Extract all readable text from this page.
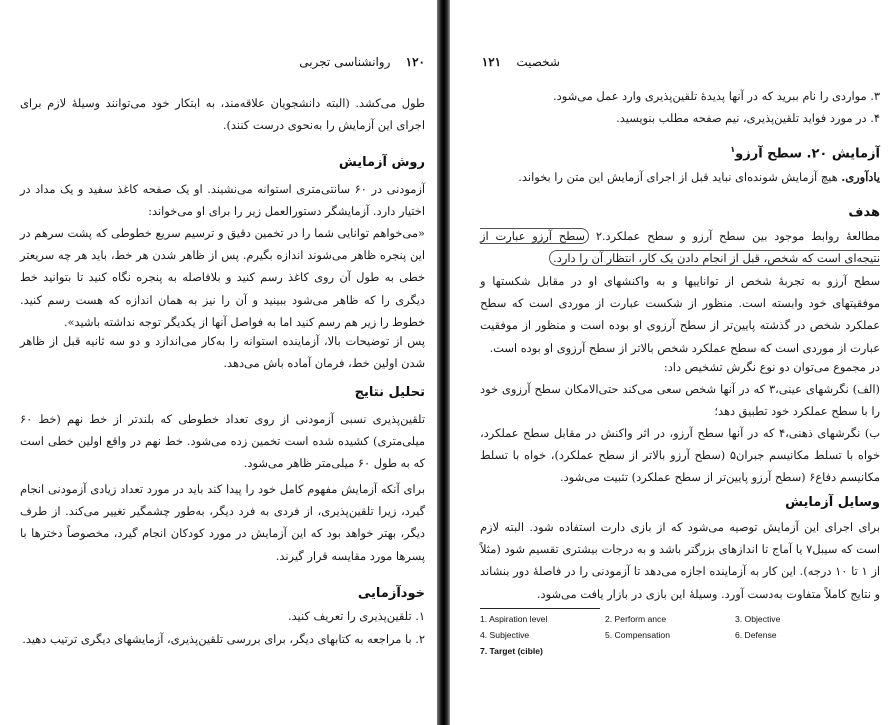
۱۲۰    روانشناسی تجربی

طول می‌کشد. (البته دانشجویان علاقه‌مند، به ابتکار خود می‌توانند وسیلهٔ لازم برای اجرای این آزمایش را به‌نحوی درست کنند).

روش آزمایش

آزمودنی در ۶۰ سانتی‌متری استوانه می‌نشیند. او یک صفحه کاغذ سفید و یک مداد در اختیار دارد. آزمایشگر دستورالعمل زیر را برای او می‌خواند:

«می‌خواهم توانایی شما را در تخمین دقیق و ترسیم سریع خطوطی که پشت سرهم در این پنجره ظاهر می‌شوند اندازه بگیرم. پس از ظاهر شدن هر خط، باید هر چه سریعتر خطی به طول آن روی کاغذ رسم کنید و بلافاصله به پنجره نگاه کنید تا بتوانید خط دیگری را که ظاهر می‌شود ببینید و آن را نیز به همان اندازه که هست رسم کنید. خطوط را زیر هم رسم کنید اما به فواصل آنها از یکدیگر توجه نداشته باشید».

پس از توضیحات بالا، آزماینده استوانه را به‌کار می‌اندازد و دو سه ثانیه قبل از ظاهر شدن اولین خط، فرمان آماده باش می‌دهد.

تحلیل نتایج

تلقین‌پذیری نسبی آزمودنی از روی تعداد خطوطی که بلندتر از خط نهم (خط ۶۰ میلی‌متری) کشیده شده است تخمین زده می‌شود. خط نهم در واقع اولین خطی است که به طول ۶۰ میلی‌متر ظاهر می‌شود.

برای آنکه آزمایش مفهوم کامل خود را پیدا کند باید در مورد تعداد زیادی آزمودنی انجام گیرد، زیرا تلقین‌پذیری، از فردی به فرد دیگر، به‌طور چشمگیر تغییر می‌کند. از طرف دیگر، بهتر خواهد بود که این آزمایش در مورد کودکان انجام گیرد، مخصوصاً دخترها با پسرها مورد مقایسه قرار گیرند.

خودآزمایی

۱. تلقین‌پذیری را تعریف کنید.

۲. با مراجعه به کتابهای دیگر، برای بررسی تلقین‌پذیری، آزمایشهای دیگری ترتیب دهید.

شخصیت    ۱۲۱

۳. مواردی را نام ببرید که در آنها پدیدهٔ تلقین‌پذیری وارد عمل می‌شود.

۴. در مورد فواید تلقین‌پذیری، نیم صفحه مطلب بنویسید.

آزمایش ۲۰. سطح آرزو$^۱$

یادآوری. هیچ آزمایش شونده‌ای نباید قبل از اجرای آزمایش این متن را بخواند.

هدف

مطالعهٔ روابط موجود بین سطح آرزو و سطح عملکرد.۲ سطح آرزو عبارت از نتیجه‌ای است که شخص، قبل از انجام دادن یک کار، انتظار آن را دارد.

سطح آرزو به تجربهٔ شخص از تواناییها و به واکنشهای او در مقابل شکستها و موفقیتهای خود وابسته است. منظور از شکست عبارت از موردی است که سطح عملکرد شخص در گذشته پایین‌تر از سطح آرزوی او بوده است و منظور از موفقیت عبارت از موردی است که سطح عملکرد شخص بالاتر از سطح آرزوی او بوده است.

در مجموع می‌توان دو نوع نگرش تشخیص داد:

(الف) نگرشهای عینی،۳ که در آنها شخص سعی می‌کند حتی‌الامکان سطح آرزوی خود را با سطح عملکرد خود تطبیق دهد؛

ب) نگرشهای ذهنی،۴ که در آنها سطح آرزو، در اثر واکنش در مقابل سطح عملکرد، خواه با تسلط مکانیسم جبران۵ (سطح آرزو بالاتر از سطح عملکرد)، خواه با تسلط مکانیسم دفاع۶ (سطح آرزو پایین‌تر از سطح عملکرد) تثبیت می‌شود.

وسایل آزمایش

برای اجرای این آزمایش توصیه می‌شود که از بازی دارت استفاده شود. البته لازم است که سیبل۷ یا آماج تا اندازهای بزرگتر باشد و به درجات بیشتری تقسیم شود (مثلاً از ۱ تا ۱۰ درجه). این کار به آزماینده اجازه می‌دهد تا آزمودنی را در فاصلهٔ دور بنشاند و نتایج کاملاً متفاوت به‌دست آورد. وسیلهٔ این بازی در بازار یافت می‌شود.

1. Aspiration level	2. Perform ance	3. Objective
4. Subjective	5. Compensation	6. Defense
7. Target (cible)
